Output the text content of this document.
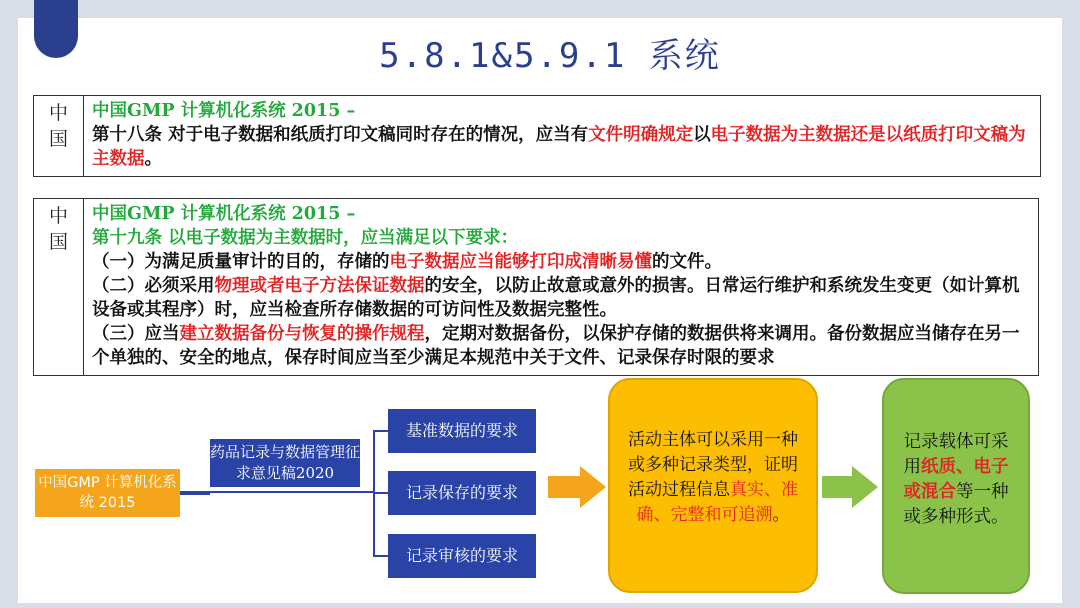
5.8.1&5.9.1 系统
中国
中国GMP 计算机化系统 2015 –
第十八条 对于电子数据和纸质打印文稿同时存在的情况，应当有文件明确规定以电子数据为主数据还是以纸质打印文稿为主数据。
中国
中国GMP 计算机化系统 2015 –
第十九条 以电子数据为主数据时，应当满足以下要求：
（一）为满足质量审计的目的，存储的电子数据应当能够打印成清晰易懂的文件。
（二）必须采用物理或者电子方法保证数据的安全，以防止故意或意外的损害。日常运行维护和系统发生变更（如计算机设备或其程序）时，应当检查所存储数据的可访问性及数据完整性。
（三）应当建立数据备份与恢复的操作规程，定期对数据备份，以保护存储的数据供将来调用。备份数据应当储存在另一个单独的、安全的地点，保存时间应当至少满足本规范中关于文件、记录保存时限的要求
中国GMP 计算机化系统 2015
药品记录与数据管理征求意见稿2020
基准数据的要求
记录保存的要求
记录审核的要求
活动主体可以采用一种或多种记录类型，证明活动过程信息真实、准确、完整和可追溯。
记录载体可采用纸质、电子或混合等一种或多种形式。
